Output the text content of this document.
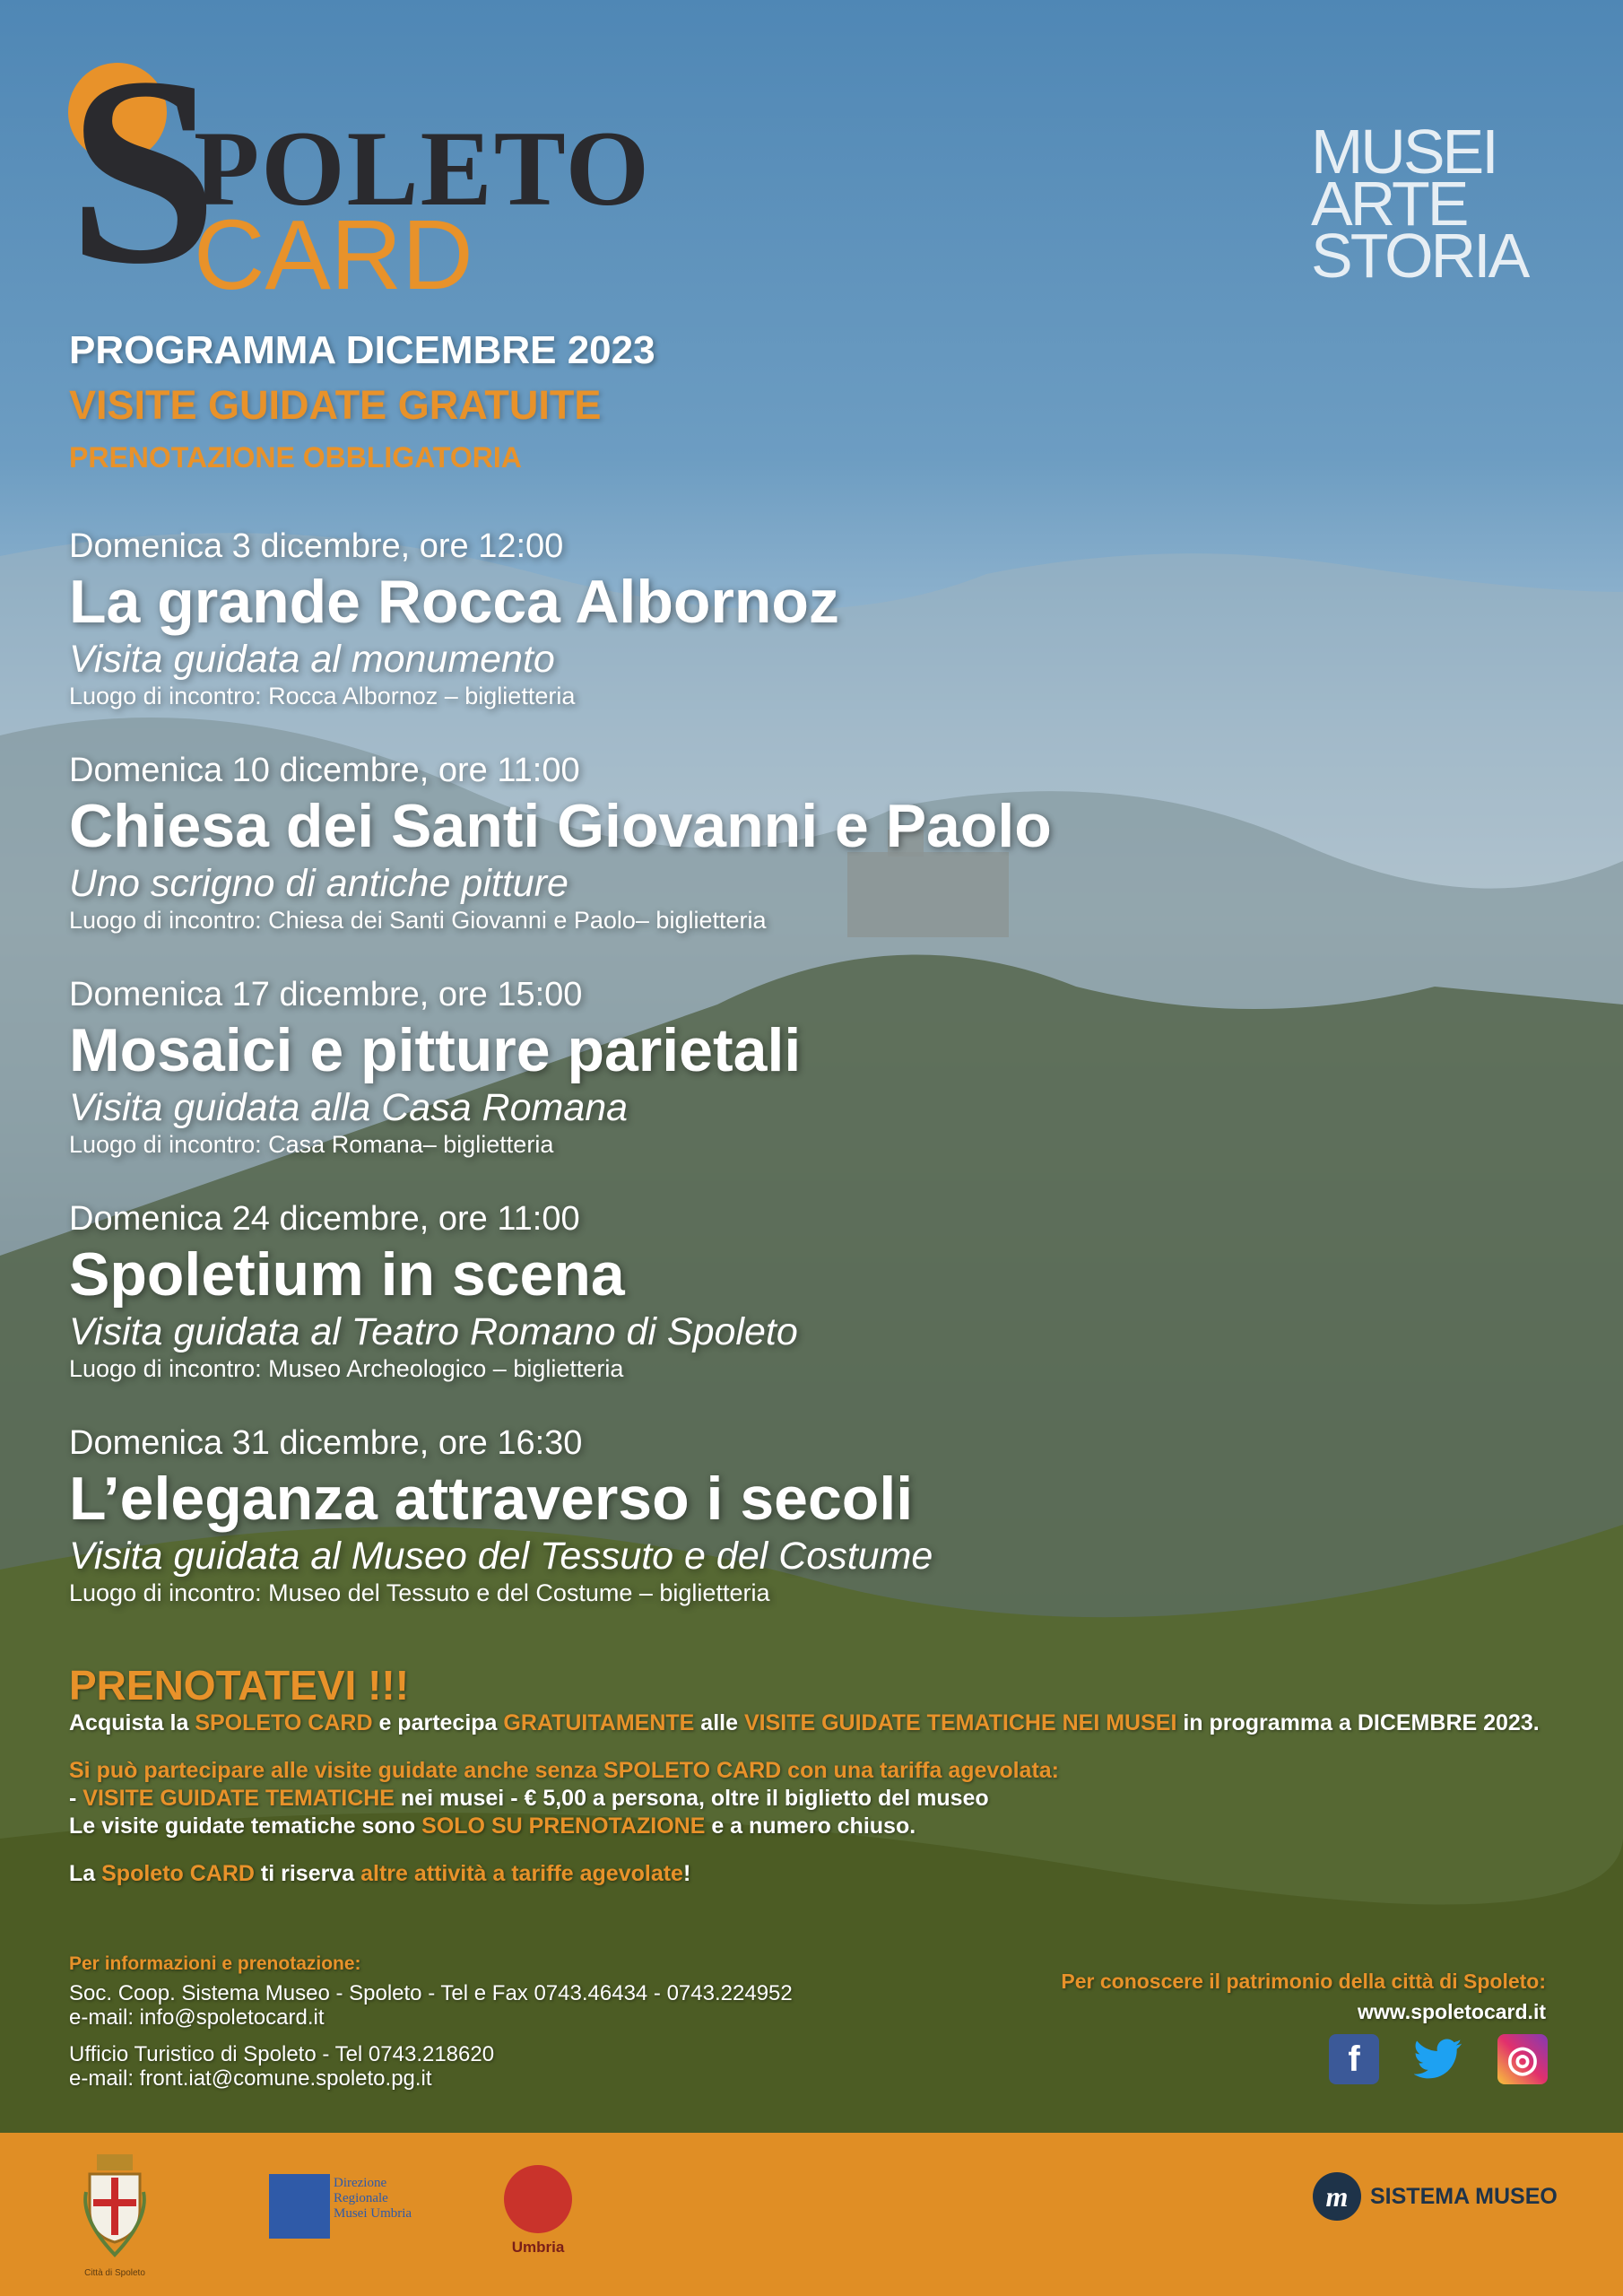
S
POLETO
CARD
MUSEI
ARTE
STORIA
PROGRAMMA DICEMBRE 2023
VISITE GUIDATE GRATUITE
PRENOTAZIONE OBBLIGATORIA
Domenica 3 dicembre, ore 12:00
La grande Rocca Albornoz
Visita guidata al monumento
Luogo di incontro: Rocca Albornoz – biglietteria
Domenica 10 dicembre, ore 11:00
Chiesa dei Santi Giovanni e Paolo
Uno scrigno di antiche pitture
Luogo di incontro: Chiesa dei Santi Giovanni e Paolo– biglietteria
Domenica 17 dicembre, ore 15:00
Mosaici e pitture parietali
Visita guidata alla Casa Romana
Luogo di incontro: Casa Romana– biglietteria
Domenica 24 dicembre, ore 11:00
Spoletium in scena
Visita guidata al Teatro Romano di Spoleto
Luogo di incontro: Museo Archeologico – biglietteria
Domenica 31 dicembre, ore 16:30
L’eleganza attraverso i secoli
Visita guidata al Museo del Tessuto e del Costume
Luogo di incontro: Museo del Tessuto e del Costume – biglietteria
PRENOTATEVI !!!
Acquista la SPOLETO CARD e partecipa GRATUITAMENTE alle VISITE GUIDATE TEMATICHE NEI MUSEI in programma a DICEMBRE 2023.
Si può partecipare alle visite guidate anche senza SPOLETO CARD con una tariffa agevolata:
- VISITE GUIDATE TEMATICHE nei musei - € 5,00 a persona, oltre il biglietto del museo
Le visite guidate tematiche sono SOLO SU PRENOTAZIONE e a numero chiuso.
La Spoleto CARD ti riserva altre attività a tariffe agevolate!
Per informazioni e prenotazione:
Soc. Coop. Sistema Museo - Spoleto - Tel e Fax 0743.46434 - 0743.224952
e-mail: info@spoletocard.it
Ufficio Turistico di Spoleto - Tel 0743.218620
e-mail: front.iat@comune.spoleto.pg.it
Per conoscere il patrimonio della città di Spoleto:
www.spoletocard.it
f	◎
Città di Spoleto
Direzione Regionale Musei Umbria
Umbria
m SISTEMA MUSEO
